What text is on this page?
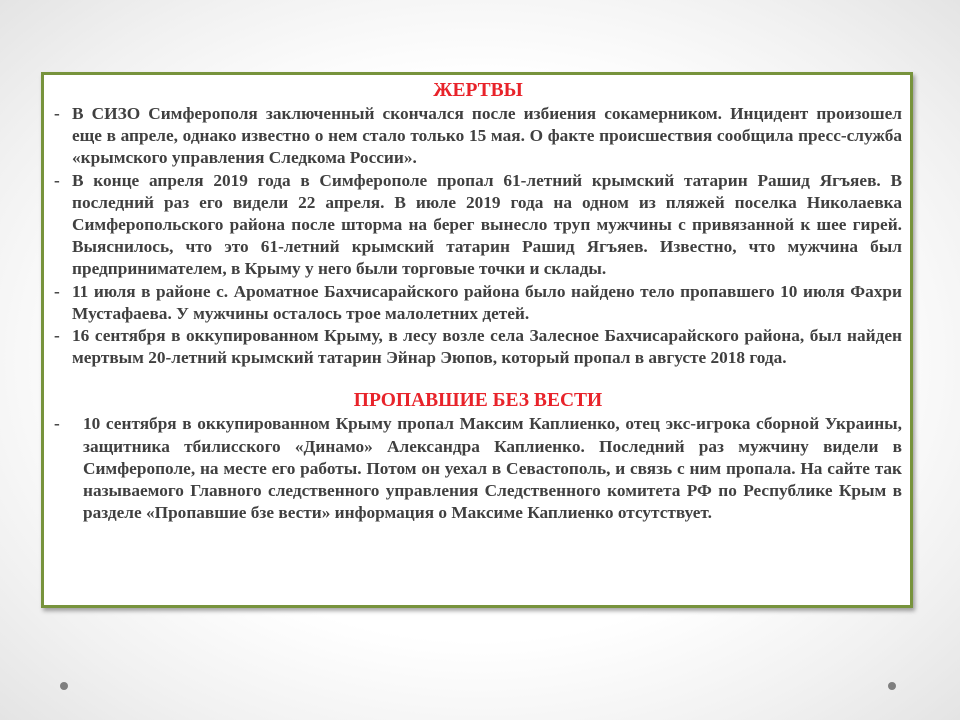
ЖЕРТВЫ
- В СИЗО Симферополя заключенный скончался после избиения сокамерником. Инцидент произошел еще в апреле, однако известно о нем стало только 15 мая. О факте происшествия сообщила пресс-служба «крымского управления Следкома России».
- В конце апреля 2019 года в Симферополе пропал 61-летний крымский татарин Рашид Ягъяев. В последний раз его видели 22 апреля. В июле 2019 года на одном из пляжей поселка Николаевка Симферопольского района после шторма на берег вынесло труп мужчины с привязанной к шее гирей. Выяснилось, что это 61-летний крымский татарин Рашид Ягъяев. Известно, что мужчина был предпринимателем, в Крыму у него были торговые точки и склады.
- 11 июля в районе с. Ароматное Бахчисарайского района было найдено тело пропавшего 10 июля Фахри Мустафаева. У мужчины осталось трое малолетних детей.
- 16 сентября в оккупированном Крыму, в лесу возле села Залесное Бахчисарайского района, был найден мертвым 20-летний крымский татарин Эйнар Эюпов, который пропал в августе 2018 года.
ПРОПАВШИЕ БЕЗ ВЕСТИ
-	10 сентября в оккупированном Крыму пропал Максим Каплиенко, отец экс-игрока сборной Украины, защитника тбилисского «Динамо» Александра Каплиенко. Последний раз мужчину видели в Симферополе, на месте его работы. Потом он уехал в Севастополь, и связь с ним пропала. На сайте так называемого Главного следственного управления Следственного комитета РФ по Республике Крым в разделе «Пропавшие бзе вести» информация о Максиме Каплиенко отсутствует.
